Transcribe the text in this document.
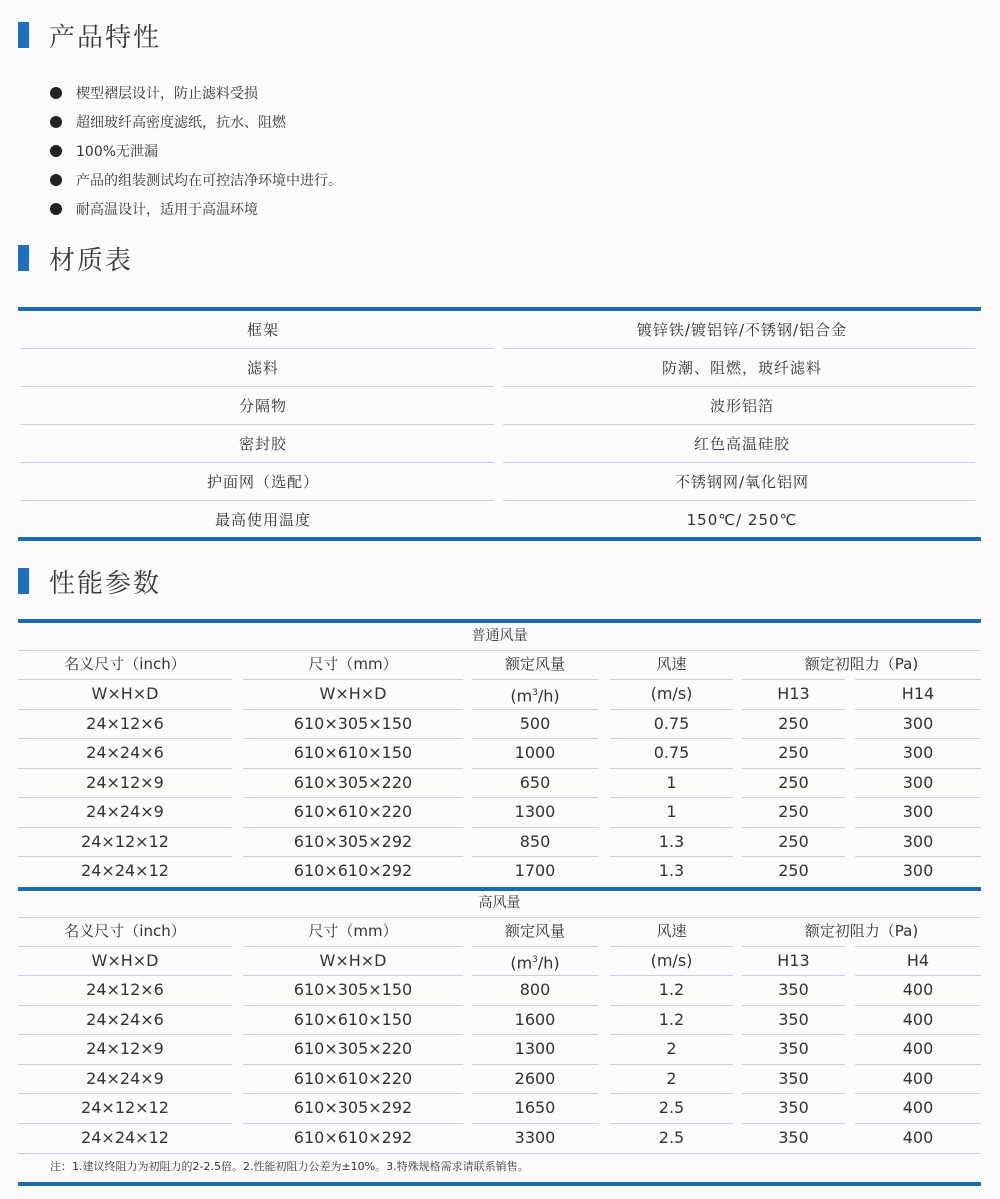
产品特性
楔型褶层设计，防止滤料受损
超细玻纤高密度滤纸，抗水、阻燃
100%无泄漏
产品的组装测试均在可控洁净环境中进行。
耐高温设计，适用于高温环境
材质表
框架	镀锌铁/镀铝锌/不锈钢/铝合金
滤料	防潮、阻燃，玻纤滤料
分隔物	波形铝箔
密封胶	红色高温硅胶
护面网（选配）	不锈钢网/氧化铝网
最高使用温度	150℃/ 250℃
性能参数
普通风量
名义尺寸（inch）	尺寸（mm）	额定风量	风速	额定初阻力（Pa)
W×H×D	W×H×D	$(m^3/h)$	(m/s)	H13	H14
24×12×6	610×305×150	500	0.75	250	300
24×24×6	610×610×150	1000	0.75	250	300
24×12×9	610×305×220	650	1	250	300
24×24×9	610×610×220	1300	1	250	300
24×12×12	610×305×292	850	1.3	250	300
24×24×12	610×610×292	1700	1.3	250	300
高风量
名义尺寸（inch）	尺寸（mm）	额定风量	风速	额定初阻力（Pa)
W×H×D	W×H×D	$(m^3/h)$	(m/s)	H13	H4
24×12×6	610×305×150	800	1.2	350	400
24×24×6	610×610×150	1600	1.2	350	400
24×12×9	610×305×220	1300	2	350	400
24×24×9	610×610×220	2600	2	350	400
24×12×12	610×305×292	1650	2.5	350	400
24×24×12	610×610×292	3300	2.5	350	400
注：1.建议终阻力为初阻力的2-2.5倍。2.性能初阻力公差为±10%。3.特殊规格需求请联系销售。
